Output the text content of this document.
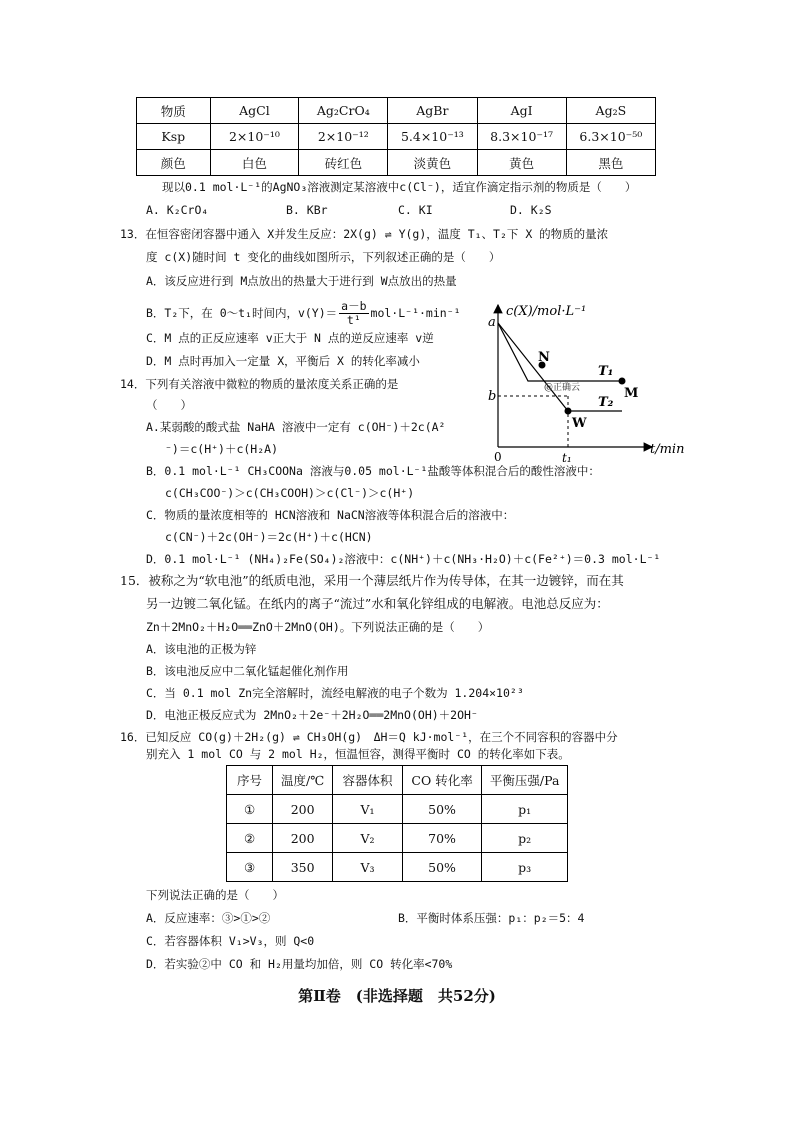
物质	AgCl	Ag₂CrO₄	AgBr	AgI	Ag₂S
Ksp	2×10⁻¹⁰	2×10⁻¹²	5.4×10⁻¹³	8.3×10⁻¹⁷	6.3×10⁻⁵⁰
颜色	白色	砖红色	淡黄色	黄色	黑色
现以0.1 mol·L⁻¹的AgNO₃溶液测定某溶液中c(Cl⁻)，适宜作滴定指示剂的物质是（　　）
A. K₂CrO₄	B. KBr	C. KI	D. K₂S
13．在恒容密闭容器中通入 X并发生反应：2X(g) ⇌ Y(g)，温度 T₁、T₂下 X 的物质的量浓
度 c(X)随时间 t 变化的曲线如图所示，下列叙述正确的是（　　）
A．该反应进行到 M点放出的热量大于进行到 W点放出的热量
B．T₂下，在 0～t₁时间内，$v(Y)= \frac{a-b}{\text{t¹}} mol\cdot L^{-1}\cdot\min^{-1}$
C．M 点的正反应速率 v正大于 N 点的逆反应速率 v逆
D．M 点时再加入一定量 X，平衡后 X 的转化率减小
c(X)/mol·L⁻¹
t/min
0
a
b
t₁
N
M
W
T₁
T₂
@正确云
14．下列有关溶液中微粒的物质的量浓度关系正确的是
（　　）
A.某弱酸的酸式盐 NaHA 溶液中一定有 c(OH⁻)＋2c(A²
⁻)＝c(H⁺)＋c(H₂A)
B．0.1 mol·L⁻¹ CH₃COONa 溶液与0.05 mol·L⁻¹盐酸等体积混合后的酸性溶液中：
c(CH₃COO⁻)＞c(CH₃COOH)＞c(Cl⁻)＞c(H⁺)
C．物质的量浓度相等的 HCN溶液和 NaCN溶液等体积混合后的溶液中：
c(CN⁻)＋2c(OH⁻)＝2c(H⁺)＋c(HCN)
D．0.1 mol·L⁻¹ (NH₄)₂Fe(SO₄)₂溶液中：c(NH⁺)＋c(NH₃·H₂O)＋c(Fe²⁺)＝0.3 mol·L⁻¹
15．被称之为“软电池”的纸质电池，采用一个薄层纸片作为传导体，在其一边镀锌，而在其
另一边镀二氧化锰。在纸内的离子“流过”水和氧化锌组成的电解液。电池总反应为：
Zn＋2MnO₂＋H₂O══ZnO＋2MnO(OH)。下列说法正确的是（　　）
A．该电池的正极为锌
B．该电池反应中二氧化锰起催化剂作用
C．当 0.1 mol Zn完全溶解时，流经电解液的电子个数为 1.204×10²³
D．电池正极反应式为 2MnO₂＋2e⁻＋2H₂O══2MnO(OH)＋2OH⁻
16．已知反应 CO(g)＋2H₂(g) ⇌ CH₃OH(g)　ΔH＝Q kJ·mol⁻¹，在三个不同容积的容器中分
别充入 1 mol CO 与 2 mol H₂，恒温恒容，测得平衡时 CO 的转化率如下表。
序号	温度/℃	容器体积	CO 转化率	平衡压强/Pa
①	200	V₁	50%	p₁
②	200	V₂	70%	p₂
③	350	V₃	50%	p₃
下列说法正确的是（　　）
A．反应速率：③>①>②	B．平衡时体系压强：p₁：p₂＝5：4
C．若容器体积 V₁>V₃，则 Q<0
D．若实验②中 CO 和 H₂用量均加倍，则 CO 转化率<70%
第Ⅱ卷　(非选择题　共52分)
